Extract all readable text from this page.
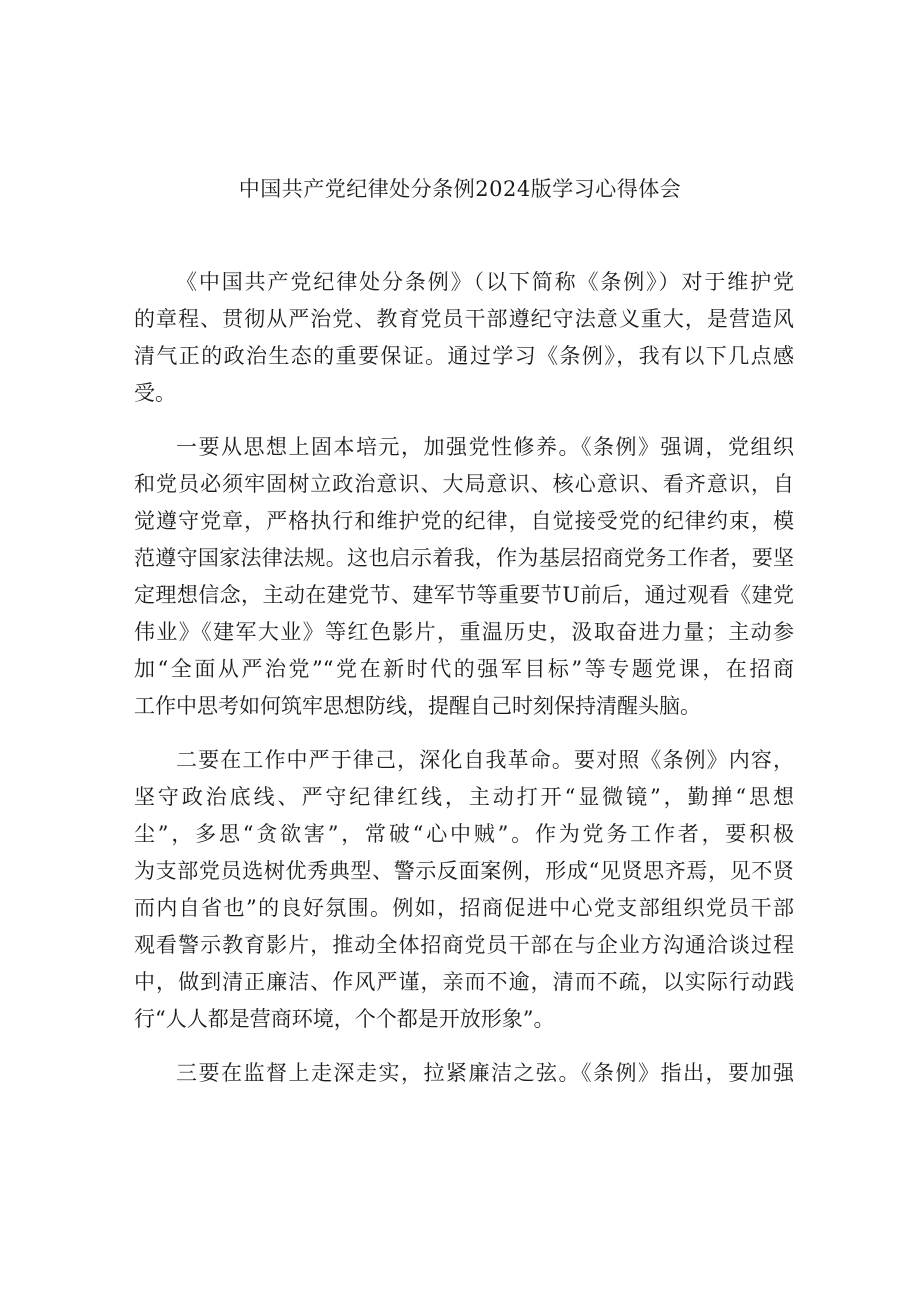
中国共产党纪律处分条例2024版学习心得体会
《中国共产党纪律处分条例》（以下简称《条例》）对于维护党
的章程、贯彻从严治党、教育党员干部遵纪守法意义重大，是营造风
清气正的政治生态的重要保证。通过学习《条例》，我有以下几点感
受。
一要从思想上固本培元，加强党性修养。《条例》强调，党组织
和党员必须牢固树立政治意识、大局意识、核心意识、看齐意识，自
觉遵守党章，严格执行和维护党的纪律，自觉接受党的纪律约束，模
范遵守国家法律法规。这也启示着我，作为基层招商党务工作者，要坚
定理想信念，主动在建党节、建军节等重要节U前后，通过观看《建党
伟业》《建军大业》等红色影片，重温历史，汲取奋进力量；主动参
加“全面从严治党”“党在新时代的强军目标”等专题党课，在招商
工作中思考如何筑牢思想防线，提醒自己时刻保持清醒头脑。
二要在工作中严于律己，深化自我革命。要对照《条例》内容，
坚守政治底线、严守纪律红线，主动打开“显微镜”，勤掸“思想
尘”，多思“贪欲害”，常破“心中贼”。作为党务工作者，要积极
为支部党员选树优秀典型、警示反面案例，形成“见贤思齐焉，见不贤
而内自省也”的良好氛围。例如，招商促进中心党支部组织党员干部
观看警示教育影片，推动全体招商党员干部在与企业方沟通洽谈过程
中，做到清正廉洁、作风严谨，亲而不逾，清而不疏，以实际行动践
行“人人都是营商环境，个个都是开放形象”。
三要在监督上走深走实，拉紧廉洁之弦。《条例》指出，要加强
